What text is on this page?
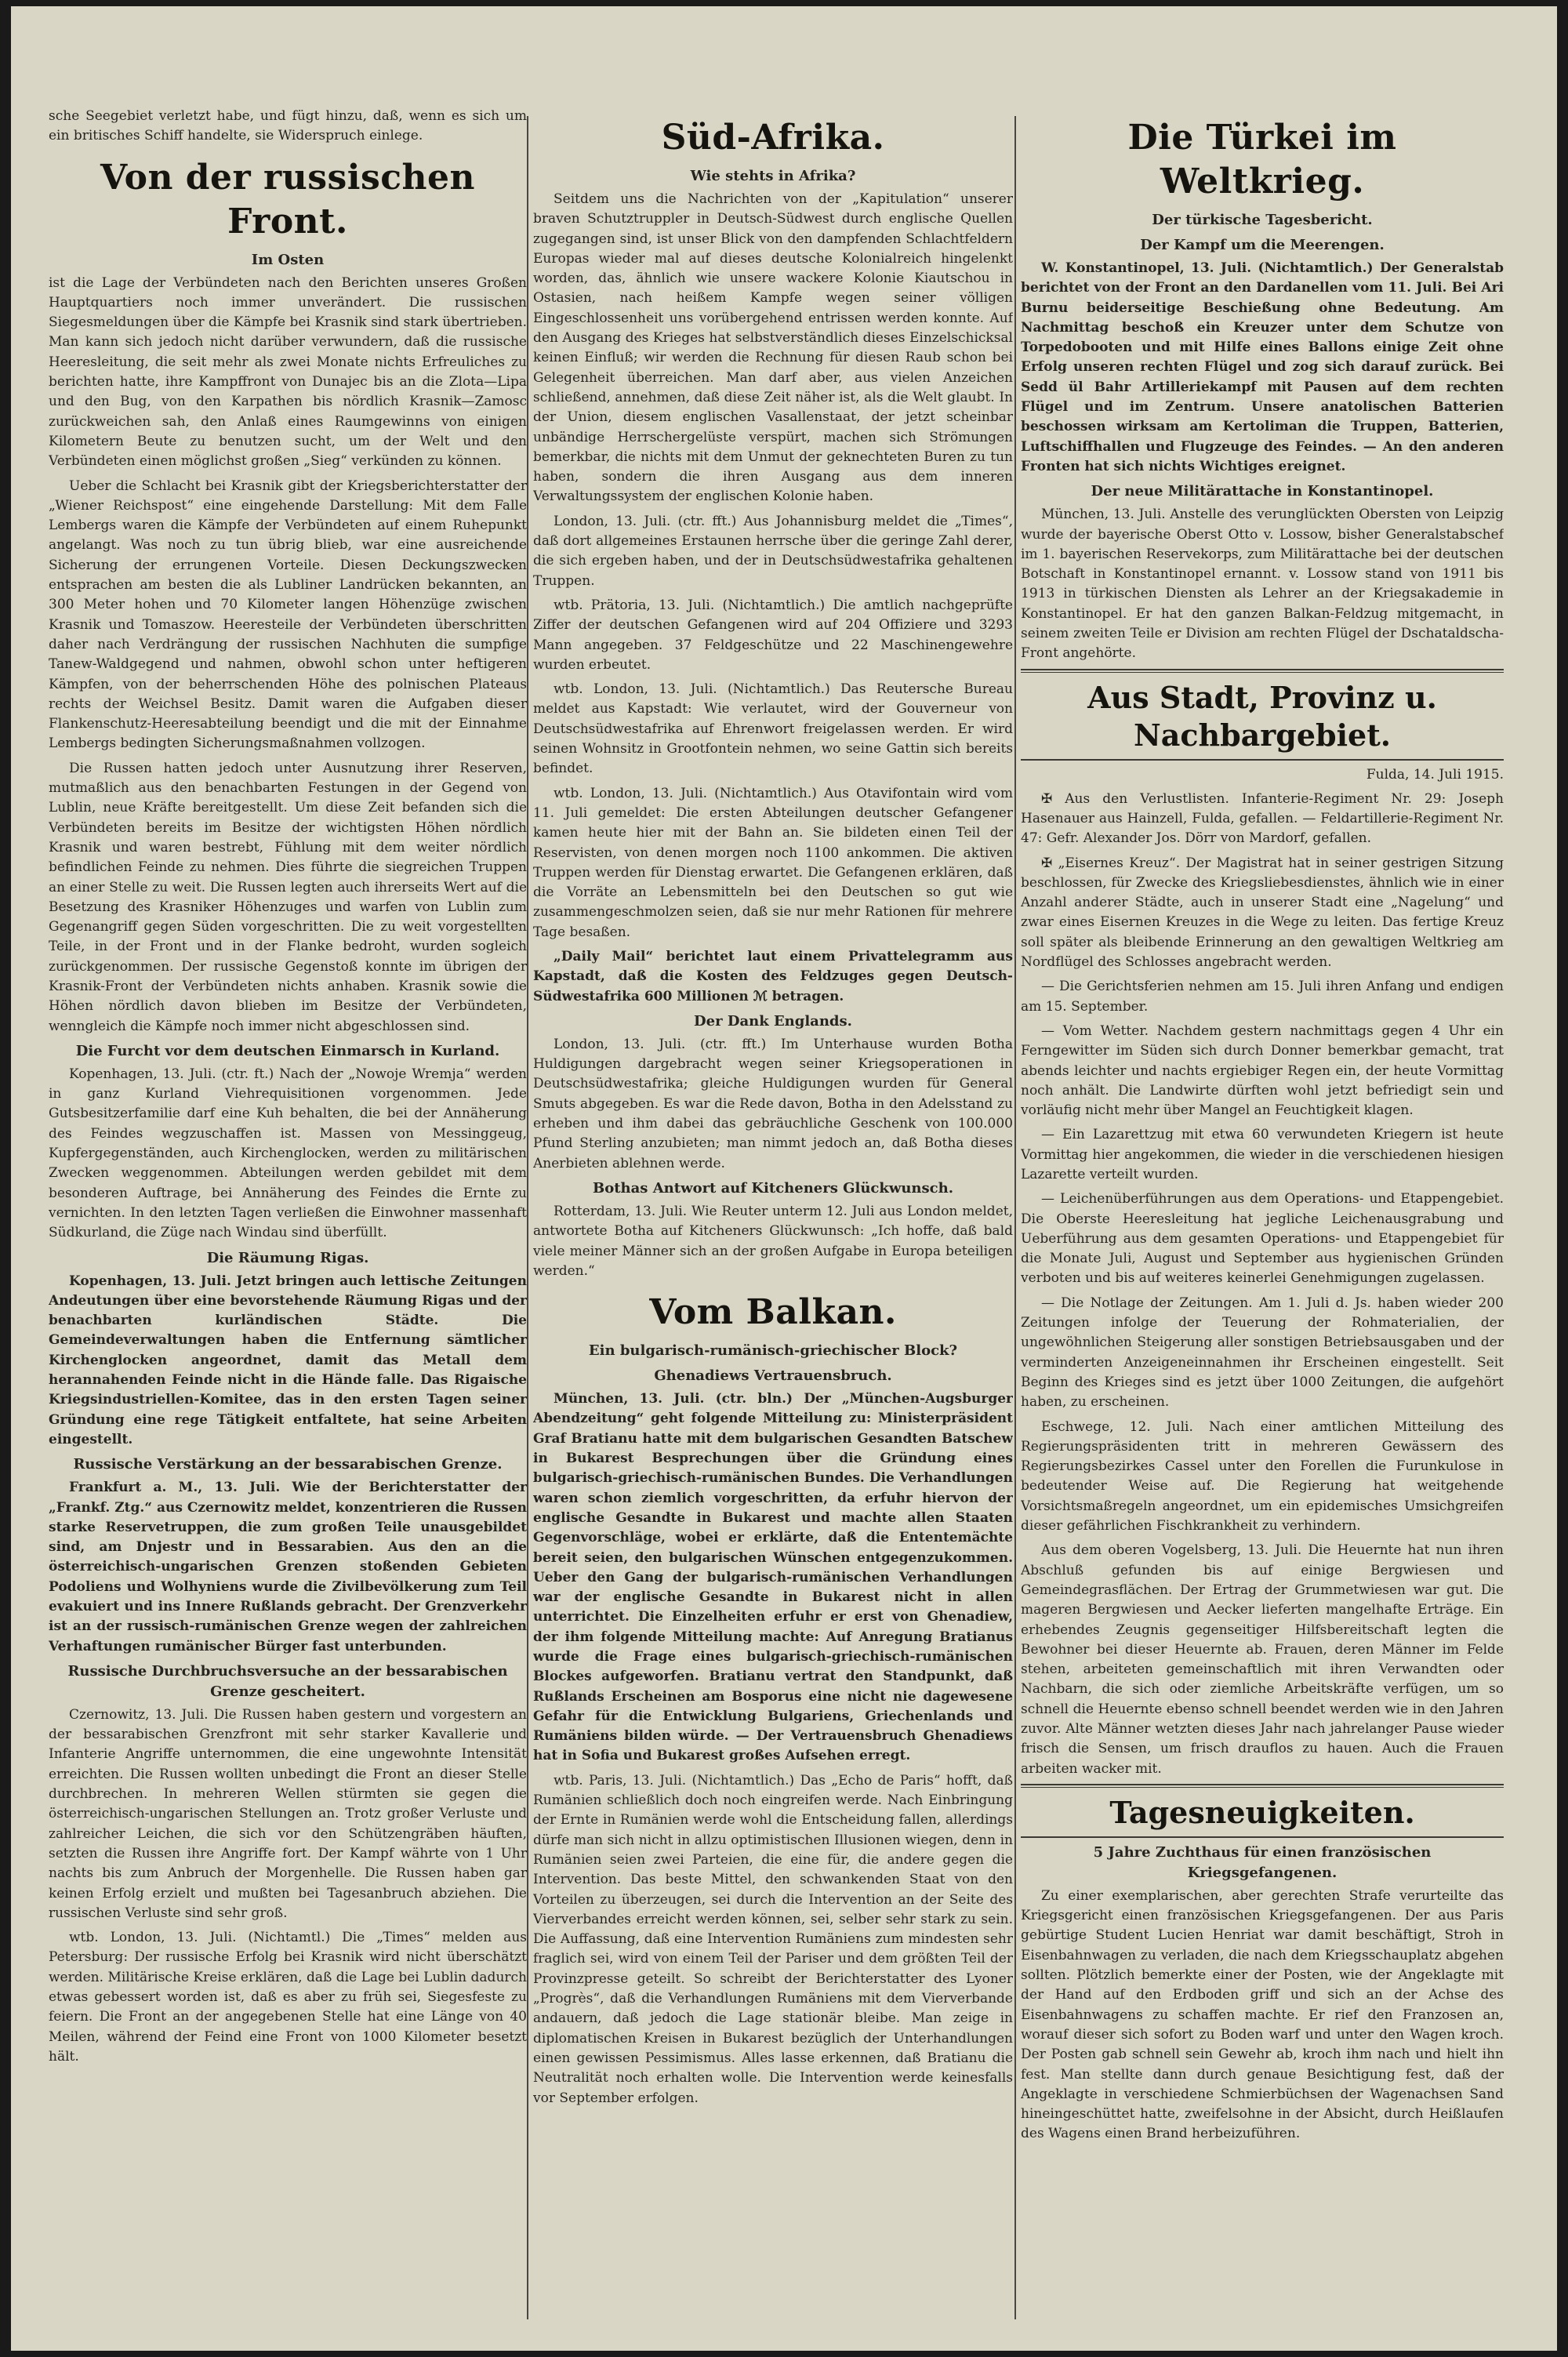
sche Seegebiet verletzt habe, und fügt hinzu, daß, wenn es sich um ein britisches Schiff handelte, sie Widerspruch einlege.

Von der russischen Front.
Im Osten

ist die Lage der Verbündeten nach den Berichten unseres Großen Hauptquartiers noch immer unverändert. Die russischen Siegesmeldungen über die Kämpfe bei Krasnik sind stark übertrieben. Man kann sich jedoch nicht darüber verwundern, daß die russische Heeresleitung, die seit mehr als zwei Monate nichts Erfreuliches zu berichten hatte, ihre Kampffront von Dunajec bis an die Zlota—Lipa und den Bug, von den Karpathen bis nördlich Krasnik—Zamosc zurückweichen sah, den Anlaß eines Raumgewinns von einigen Kilometern Beute zu benutzen sucht, um der Welt und den Verbündeten einen möglichst großen „Sieg“ verkünden zu können.

Ueber die Schlacht bei Krasnik gibt der Kriegsberichterstatter der „Wiener Reichspost“ eine eingehende Darstellung: Mit dem Falle Lembergs waren die Kämpfe der Verbündeten auf einem Ruhepunkt angelangt. Was noch zu tun übrig blieb, war eine ausreichende Sicherung der errungenen Vorteile. Diesen Deckungszwecken entsprachen am besten die als Lubliner Landrücken bekannten, an 300 Meter hohen und 70 Kilometer langen Höhenzüge zwischen Krasnik und Tomaszow. Heeresteile der Verbündeten überschritten daher nach Verdrängung der russischen Nachhuten die sumpfige Tanew-Waldgegend und nahmen, obwohl schon unter heftigeren Kämpfen, von der beherrschenden Höhe des polnischen Plateaus rechts der Weichsel Besitz. Damit waren die Aufgaben dieser Flankenschutz-Heeresabteilung beendigt und die mit der Einnahme Lembergs bedingten Sicherungsmaßnahmen vollzogen.

Die Russen hatten jedoch unter Ausnutzung ihrer Reserven, mutmaßlich aus den benachbarten Festungen in der Gegend von Lublin, neue Kräfte bereitgestellt. Um diese Zeit befanden sich die Verbündeten bereits im Besitze der wichtigsten Höhen nördlich Krasnik und waren bestrebt, Fühlung mit dem weiter nördlich befindlichen Feinde zu nehmen. Dies führte die siegreichen Truppen an einer Stelle zu weit. Die Russen legten auch ihrerseits Wert auf die Besetzung des Krasniker Höhenzuges und warfen von Lublin zum Gegenangriff gegen Süden vorgeschritten. Die zu weit vorgestellten Teile, in der Front und in der Flanke bedroht, wurden sogleich zurückgenommen. Der russische Gegenstoß konnte im übrigen der Krasnik-Front der Verbündeten nichts anhaben. Krasnik sowie die Höhen nördlich davon blieben im Besitze der Verbündeten, wenngleich die Kämpfe noch immer nicht abgeschlossen sind.

Die Furcht vor dem deutschen Einmarsch in Kurland.

Kopenhagen, 13. Juli. (ctr. ft.) Nach der „Nowoje Wremja“ werden in ganz Kurland Viehrequisitionen vorgenommen. Jede Gutsbesitzerfamilie darf eine Kuh behalten, die bei der Annäherung des Feindes wegzuschaffen ist. Massen von Messinggeug, Kupfergegenständen, auch Kirchenglocken, werden zu militärischen Zwecken weggenommen. Abteilungen werden gebildet mit dem besonderen Auftrage, bei Annäherung des Feindes die Ernte zu vernichten. In den letzten Tagen verließen die Einwohner massenhaft Südkurland, die Züge nach Windau sind überfüllt.

Die Räumung Rigas.

Kopenhagen, 13. Juli. Jetzt bringen auch lettische Zeitungen Andeutungen über eine bevorstehende Räumung Rigas und der benachbarten kurländischen Städte. Die Gemeindeverwaltungen haben die Entfernung sämtlicher Kirchenglocken angeordnet, damit das Metall dem herannahenden Feinde nicht in die Hände falle. Das Rigaische Kriegsindustriellen-Komitee, das in den ersten Tagen seiner Gründung eine rege Tätigkeit entfaltete, hat seine Arbeiten eingestellt.

Russische Verstärkung an der bessarabischen Grenze.

Frankfurt a. M., 13. Juli. Wie der Berichterstatter der „Frankf. Ztg.“ aus Czernowitz meldet, konzentrieren die Russen starke Reservetruppen, die zum großen Teile unausgebildet sind, am Dnjestr und in Bessarabien. Aus den an die österreichisch-ungarischen Grenzen stoßenden Gebieten Podoliens und Wolhyniens wurde die Zivilbevölkerung zum Teil evakuiert und ins Innere Rußlands gebracht. Der Grenzverkehr ist an der russisch-rumänischen Grenze wegen der zahlreichen Verhaftungen rumänischer Bürger fast unterbunden.

Russische Durchbruchsversuche an der bessarabischen Grenze gescheitert.

Czernowitz, 13. Juli. Die Russen haben gestern und vorgestern an der bessarabischen Grenzfront mit sehr starker Kavallerie und Infanterie Angriffe unternommen, die eine ungewohnte Intensität erreichten. Die Russen wollten unbedingt die Front an dieser Stelle durchbrechen. In mehreren Wellen stürmten sie gegen die österreichisch-ungarischen Stellungen an. Trotz großer Verluste und zahlreicher Leichen, die sich vor den Schützengräben häuften, setzten die Russen ihre Angriffe fort. Der Kampf währte von 1 Uhr nachts bis zum Anbruch der Morgenhelle. Die Russen haben gar keinen Erfolg erzielt und mußten bei Tagesanbruch abziehen. Die russischen Verluste sind sehr groß.

wtb. London, 13. Juli. (Nichtamtl.) Die „Times“ melden aus Petersburg: Der russische Erfolg bei Krasnik wird nicht überschätzt werden. Militärische Kreise erklären, daß die Lage bei Lublin dadurch etwas gebessert worden ist, daß es aber zu früh sei, Siegesfeste zu feiern. Die Front an der angegebenen Stelle hat eine Länge von 40 Meilen, während der Feind eine Front von 1000 Kilometer besetzt hält.

Süd-Afrika.
Wie stehts in Afrika?

Seitdem uns die Nachrichten von der „Kapitulation“ unserer braven Schutztruppler in Deutsch-Südwest durch englische Quellen zugegangen sind, ist unser Blick von den dampfenden Schlachtfeldern Europas wieder mal auf dieses deutsche Kolonialreich hingelenkt worden, das, ähnlich wie unsere wackere Kolonie Kiautschou in Ostasien, nach heißem Kampfe wegen seiner völligen Eingeschlossenheit uns vorübergehend entrissen werden konnte. Auf den Ausgang des Krieges hat selbstverständlich dieses Einzelschicksal keinen Einfluß; wir werden die Rechnung für diesen Raub schon bei Gelegenheit überreichen. Man darf aber, aus vielen Anzeichen schließend, annehmen, daß diese Zeit näher ist, als die Welt glaubt. In der Union, diesem englischen Vasallenstaat, der jetzt scheinbar unbändige Herrschergelüste verspürt, machen sich Strömungen bemerkbar, die nichts mit dem Unmut der geknechteten Buren zu tun haben, sondern die ihren Ausgang aus dem inneren Verwaltungssystem der englischen Kolonie haben.

London, 13. Juli. (ctr. fft.) Aus Johannisburg meldet die „Times“, daß dort allgemeines Erstaunen herrsche über die geringe Zahl derer, die sich ergeben haben, und der in Deutschsüdwestafrika gehaltenen Truppen.

wtb. Prätoria, 13. Juli. (Nichtamtlich.) Die amtlich nachgeprüfte Ziffer der deutschen Gefangenen wird auf 204 Offiziere und 3293 Mann angegeben. 37 Feldgeschütze und 22 Maschinengewehre wurden erbeutet.

wtb. London, 13. Juli. (Nichtamtlich.) Das Reutersche Bureau meldet aus Kapstadt: Wie verlautet, wird der Gouverneur von Deutschsüdwestafrika auf Ehrenwort freigelassen werden. Er wird seinen Wohnsitz in Grootfontein nehmen, wo seine Gattin sich bereits befindet.

wtb. London, 13. Juli. (Nichtamtlich.) Aus Otavifontain wird vom 11. Juli gemeldet: Die ersten Abteilungen deutscher Gefangener kamen heute hier mit der Bahn an. Sie bildeten einen Teil der Reservisten, von denen morgen noch 1100 ankommen. Die aktiven Truppen werden für Dienstag erwartet. Die Gefangenen erklären, daß die Vorräte an Lebensmitteln bei den Deutschen so gut wie zusammengeschmolzen seien, daß sie nur mehr Rationen für mehrere Tage besaßen.

„Daily Mail“ berichtet laut einem Privattelegramm aus Kapstadt, daß die Kosten des Feldzuges gegen Deutsch-Südwestafrika 600 Millionen ℳ betragen.

Der Dank Englands.

London, 13. Juli. (ctr. fft.) Im Unterhause wurden Botha Huldigungen dargebracht wegen seiner Kriegsoperationen in Deutschsüdwestafrika; gleiche Huldigungen wurden für General Smuts abgegeben. Es war die Rede davon, Botha in den Adelsstand zu erheben und ihm dabei das gebräuchliche Geschenk von 100.000 Pfund Sterling anzubieten; man nimmt jedoch an, daß Botha dieses Anerbieten ablehnen werde.

Bothas Antwort auf Kitcheners Glückwunsch.

Rotterdam, 13. Juli. Wie Reuter unterm 12. Juli aus London meldet, antwortete Botha auf Kitcheners Glückwunsch: „Ich hoffe, daß bald viele meiner Männer sich an der großen Aufgabe in Europa beteiligen werden.“

Vom Balkan.
Ein bulgarisch-rumänisch-griechischer Block?
Ghenadiews Vertrauensbruch.

München, 13. Juli. (ctr. bln.) Der „München-Augsburger Abendzeitung“ geht folgende Mitteilung zu: Ministerpräsident Graf Bratianu hatte mit dem bulgarischen Gesandten Batschew in Bukarest Besprechungen über die Gründung eines bulgarisch-griechisch-rumänischen Bundes. Die Verhandlungen waren schon ziemlich vorgeschritten, da erfuhr hiervon der englische Gesandte in Bukarest und machte allen Staaten Gegenvorschläge, wobei er erklärte, daß die Ententemächte bereit seien, den bulgarischen Wünschen entgegenzukommen. Ueber den Gang der bulgarisch-rumänischen Verhandlungen war der englische Gesandte in Bukarest nicht in allen unterrichtet. Die Einzelheiten erfuhr er erst von Ghenadiew, der ihm folgende Mitteilung machte: Auf Anregung Bratianus wurde die Frage eines bulgarisch-griechisch-rumänischen Blockes aufgeworfen. Bratianu vertrat den Standpunkt, daß Rußlands Erscheinen am Bosporus eine nicht nie dagewesene Gefahr für die Entwicklung Bulgariens, Griechenlands und Rumäniens bilden würde. — Der Vertrauensbruch Ghenadiews hat in Sofia und Bukarest großes Aufsehen erregt.

wtb. Paris, 13. Juli. (Nichtamtlich.) Das „Echo de Paris“ hofft, daß Rumänien schließlich doch noch eingreifen werde. Nach Einbringung der Ernte in Rumänien werde wohl die Entscheidung fallen, allerdings dürfe man sich nicht in allzu optimistischen Illusionen wiegen, denn in Rumänien seien zwei Parteien, die eine für, die andere gegen die Intervention. Das beste Mittel, den schwankenden Staat von den Vorteilen zu überzeugen, sei durch die Intervention an der Seite des Vierverbandes erreicht werden können, sei, selber sehr stark zu sein. Die Auffassung, daß eine Intervention Rumäniens zum mindesten sehr fraglich sei, wird von einem Teil der Pariser und dem größten Teil der Provinzpresse geteilt. So schreibt der Berichterstatter des Lyoner „Progrès“, daß die Verhandlungen Rumäniens mit dem Vierverbande andauern, daß jedoch die Lage stationär bleibe. Man zeige in diplomatischen Kreisen in Bukarest bezüglich der Unterhandlungen einen gewissen Pessimismus. Alles lasse erkennen, daß Bratianu die Neutralität noch erhalten wolle. Die Intervention werde keinesfalls vor September erfolgen.

Die Türkei im Weltkrieg.
Der türkische Tagesbericht.
Der Kampf um die Meerengen.

W. Konstantinopel, 13. Juli. (Nichtamtlich.) Der Generalstab berichtet von der Front an den Dardanellen vom 11. Juli. Bei Ari Burnu beiderseitige Beschießung ohne Bedeutung. Am Nachmittag beschoß ein Kreuzer unter dem Schutze von Torpedobooten und mit Hilfe eines Ballons einige Zeit ohne Erfolg unseren rechten Flügel und zog sich darauf zurück. Bei Sedd ül Bahr Artilleriekampf mit Pausen auf dem rechten Flügel und im Zentrum. Unsere anatolischen Batterien beschossen wirksam am Kertoliman die Truppen, Batterien, Luftschiffhallen und Flugzeuge des Feindes. — An den anderen Fronten hat sich nichts Wichtiges ereignet.

Der neue Militärattache in Konstantinopel.

München, 13. Juli. Anstelle des verunglückten Obersten von Leipzig wurde der bayerische Oberst Otto v. Lossow, bisher Generalstabschef im 1. bayerischen Reservekorps, zum Militärattache bei der deutschen Botschaft in Konstantinopel ernannt. v. Lossow stand von 1911 bis 1913 in türkischen Diensten als Lehrer an der Kriegsakademie in Konstantinopel. Er hat den ganzen Balkan-Feldzug mitgemacht, in seinem zweiten Teile er Division am rechten Flügel der Dschataldscha-Front angehörte.

Aus Stadt, Provinz u. Nachbargebiet.
Fulda, 14. Juli 1915.

✠ Aus den Verlustlisten. Infanterie-Regiment Nr. 29: Joseph Hasenauer aus Hainzell, Fulda, gefallen. — Feldartillerie-Regiment Nr. 47: Gefr. Alexander Jos. Dörr von Mardorf, gefallen.

✠ „Eisernes Kreuz“. Der Magistrat hat in seiner gestrigen Sitzung beschlossen, für Zwecke des Kriegsliebesdienstes, ähnlich wie in einer Anzahl anderer Städte, auch in unserer Stadt eine „Nagelung“ und zwar eines Eisernen Kreuzes in die Wege zu leiten. Das fertige Kreuz soll später als bleibende Erinnerung an den gewaltigen Weltkrieg am Nordflügel des Schlosses angebracht werden.

— Die Gerichtsferien nehmen am 15. Juli ihren Anfang und endigen am 15. September.

— Vom Wetter. Nachdem gestern nachmittags gegen 4 Uhr ein Ferngewitter im Süden sich durch Donner bemerkbar gemacht, trat abends leichter und nachts ergiebiger Regen ein, der heute Vormittag noch anhält. Die Landwirte dürften wohl jetzt befriedigt sein und vorläufig nicht mehr über Mangel an Feuchtigkeit klagen.

— Ein Lazarettzug mit etwa 60 verwundeten Kriegern ist heute Vormittag hier angekommen, die wieder in die verschiedenen hiesigen Lazarette verteilt wurden.

— Leichenüberführungen aus dem Operations- und Etappengebiet. Die Oberste Heeresleitung hat jegliche Leichenausgrabung und Ueberführung aus dem gesamten Operations- und Etappengebiet für die Monate Juli, August und September aus hygienischen Gründen verboten und bis auf weiteres keinerlei Genehmigungen zugelassen.

— Die Notlage der Zeitungen. Am 1. Juli d. Js. haben wieder 200 Zeitungen infolge der Teuerung der Rohmaterialien, der ungewöhnlichen Steigerung aller sonstigen Betriebsausgaben und der verminderten Anzeigeneinnahmen ihr Erscheinen eingestellt. Seit Beginn des Krieges sind es jetzt über 1000 Zeitungen, die aufgehört haben, zu erscheinen.

Eschwege, 12. Juli. Nach einer amtlichen Mitteilung des Regierungspräsidenten tritt in mehreren Gewässern des Regierungsbezirkes Cassel unter den Forellen die Furunkulose in bedeutender Weise auf. Die Regierung hat weitgehende Vorsichtsmaßregeln angeordnet, um ein epidemisches Umsichgreifen dieser gefährlichen Fischkrankheit zu verhindern.

Aus dem oberen Vogelsberg, 13. Juli. Die Heuernte hat nun ihren Abschluß gefunden bis auf einige Bergwiesen und Gemeindegrasflächen. Der Ertrag der Grummetwiesen war gut. Die mageren Bergwiesen und Aecker lieferten mangelhafte Erträge. Ein erhebendes Zeugnis gegenseitiger Hilfsbereitschaft legten die Bewohner bei dieser Heuernte ab. Frauen, deren Männer im Felde stehen, arbeiteten gemeinschaftlich mit ihren Verwandten oder Nachbarn, die sich oder ziemliche Arbeitskräfte verfügen, um so schnell die Heuernte ebenso schnell beendet werden wie in den Jahren zuvor. Alte Männer wetzten dieses Jahr nach jahrelanger Pause wieder frisch die Sensen, um frisch drauflos zu hauen. Auch die Frauen arbeiten wacker mit.

Tagesneuigkeiten.
5 Jahre Zuchthaus für einen französischen Kriegsgefangenen.

Zu einer exemplarischen, aber gerechten Strafe verurteilte das Kriegsgericht einen französischen Kriegsgefangenen. Der aus Paris gebürtige Student Lucien Henriat war damit beschäftigt, Stroh in Eisenbahnwagen zu verladen, die nach dem Kriegsschauplatz abgehen sollten. Plötzlich bemerkte einer der Posten, wie der Angeklagte mit der Hand auf den Erdboden griff und sich an der Achse des Eisenbahnwagens zu schaffen machte. Er rief den Franzosen an, worauf dieser sich sofort zu Boden warf und unter den Wagen kroch. Der Posten gab schnell sein Gewehr ab, kroch ihm nach und hielt ihn fest. Man stellte dann durch genaue Besichtigung fest, daß der Angeklagte in verschiedene Schmierbüchsen der Wagenachsen Sand hineingeschüttet hatte, zweifelsohne in der Absicht, durch Heißlaufen des Wagens einen Brand herbeizuführen.
